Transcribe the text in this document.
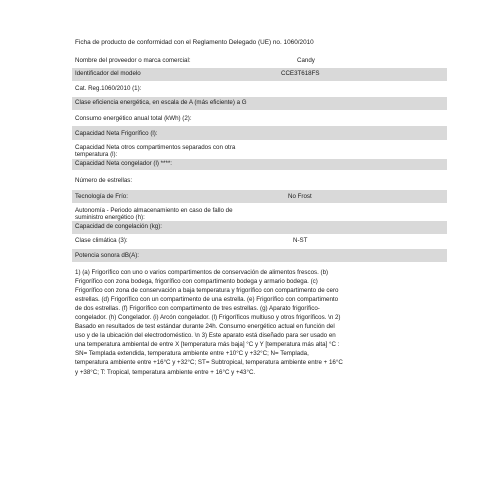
Ficha de producto de conformidad con el Reglamento Delegado (UE) no. 1060/2010
Nombre del proveedor o marca comercial:	Candy
Identificador del modelo	CCE3T618FS
Cat. Reg.1060/2010 (1):
Clase eficiencia energética, en escala de A (más eficiente) a G
Consumo energético anual total (kWh) (2):
Capacidad Neta Frigorífico (l):
Capacidad Neta otros compartimentos separados con otra temperatura (l):
Capacidad Neta congelador (l) ****:
Número de estrellas:
Tecnología de Frío:	No Frost
Autonomía - Periodo almacenamiento en caso de fallo de suministro energético (h):
Capacidad de congelación (kg):
Clase climática (3):	N-ST
Potencia sonora dB(A):
1) (a) Frigorífico con uno o varios compartimentos de conservación de alimentos frescos. (b)
Frigorífico con zona bodega, frigorífico con compartimento bodega y armario bodega. (c)
Frigorífico con zona de conservación a baja temperatura y frigorífico con compartimento de cero
estrellas. (d) Frigorífico con un compartimento de una estrella. (e) Frigorífico con compartimento
de dos estrellas. (f) Frigorífico con compartimento de tres estrellas. (g) Aparato frigorífico-
congelador. (h) Congelador. (i) Arcón congelador. (l) Frigoríficos multiuso y otros frigoríficos. \n 2)
Basado en resultados de test estándar durante 24h. Consumo energético actual en función del
uso y de la ubicación del electrodoméstico. \n 3) Este aparato está diseñado para ser usado en
una temperatura ambiental de entre X [temperatura más baja] °C y Y [temperatura más alta] °C :
SN= Templada extendida, temperatura ambiente entre +10°C y +32°C; N= Templada,
temperatura ambiente entre +16°C y +32°C; ST= Subtropical, temperatura ambiente entre + 16°C
y +38°C; T: Tropical, temperatura ambiente entre + 16°C y +43°C.
